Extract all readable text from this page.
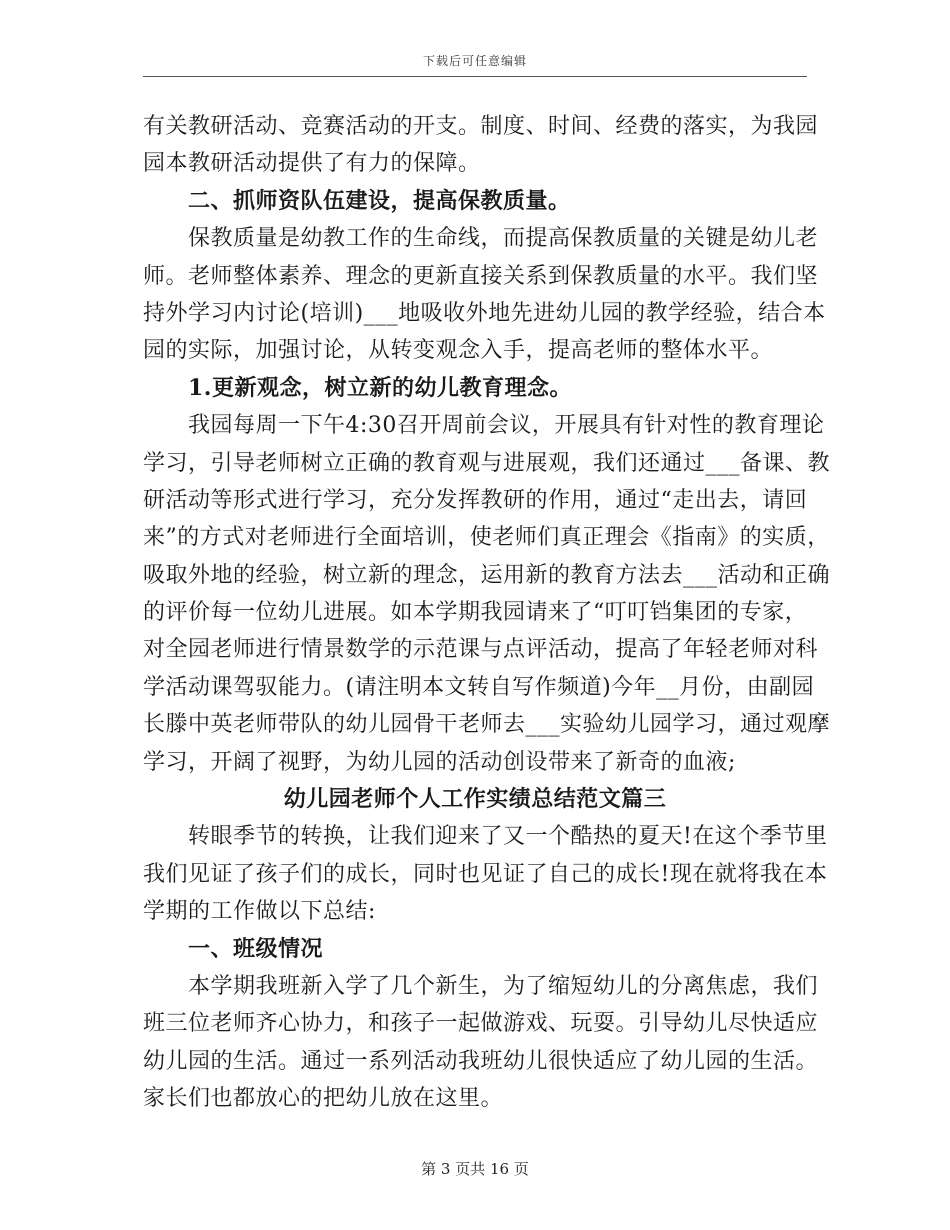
下载后可任意编辑
有关教研活动、竞赛活动的开支。制度、时间、经费的落实，为我园
园本教研活动提供了有力的保障。
二、抓师资队伍建设，提高保教质量。
保教质量是幼教工作的生命线，而提高保教质量的关键是幼儿老
师。老师整体素养、理念的更新直接关系到保教质量的水平。我们坚
持外学习内讨论(培训)___地吸收外地先进幼儿园的教学经验，结合本
园的实际，加强讨论，从转变观念入手，提高老师的整体水平。
1.更新观念，树立新的幼儿教育理念。
我园每周一下午4:30召开周前会议，开展具有针对性的教育理论
学习，引导老师树立正确的教育观与进展观，我们还通过___备课、教
研活动等形式进行学习，充分发挥教研的作用，通过“走出去，请回
来”的方式对老师进行全面培训，使老师们真正理会《指南》的实质，
吸取外地的经验，树立新的理念，运用新的教育方法去___活动和正确
的评价每一位幼儿进展。如本学期我园请来了“叮叮铛集团的专家，
对全园老师进行情景数学的示范课与点评活动，提高了年轻老师对科
学活动课驾驭能力。(请注明本文转自写作频道)今年__月份，由副园
长滕中英老师带队的幼儿园骨干老师去___实验幼儿园学习，通过观摩
学习，开阔了视野，为幼儿园的活动创设带来了新奇的血液;
幼儿园老师个人工作实绩总结范文篇三
转眼季节的转换，让我们迎来了又一个酷热的夏天!在这个季节里
我们见证了孩子们的成长，同时也见证了自己的成长!现在就将我在本
学期的工作做以下总结:
一、班级情况
本学期我班新入学了几个新生，为了缩短幼儿的分离焦虑，我们
班三位老师齐心协力，和孩子一起做游戏、玩耍。引导幼儿尽快适应
幼儿园的生活。通过一系列活动我班幼儿很快适应了幼儿园的生活。
家长们也都放心的把幼儿放在这里。
第 3 页共 16 页
